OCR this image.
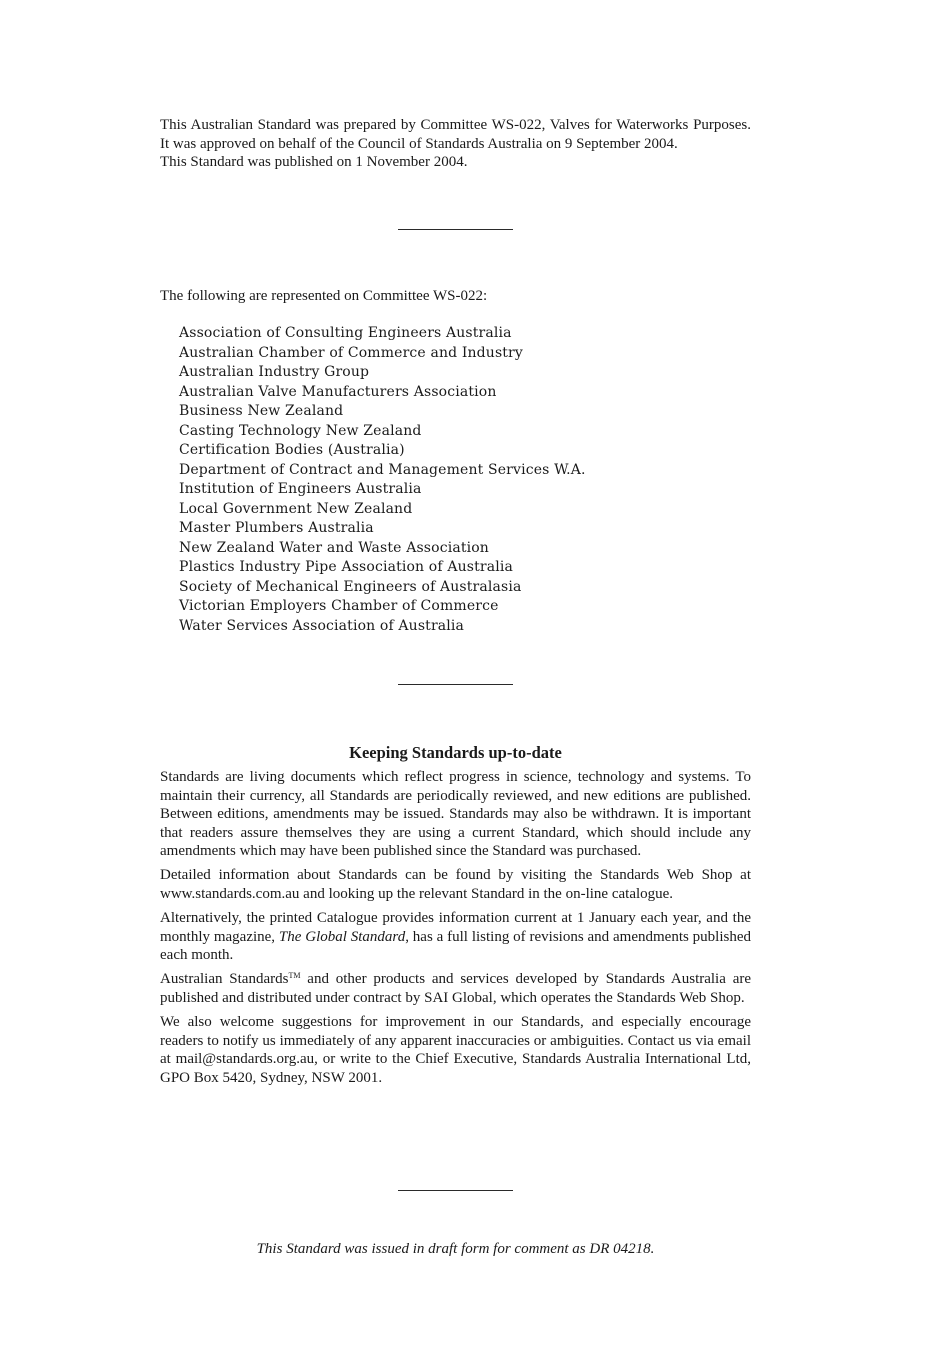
This Australian Standard was prepared by Committee WS-022, Valves for Waterworks Purposes. It was approved on behalf of the Council of Standards Australia on 9 September 2004.

This Standard was published on 1 November 2004.

The following are represented on Committee WS-022:

Association of Consulting Engineers Australia
Australian Chamber of Commerce and Industry
Australian Industry Group
Australian Valve Manufacturers Association
Business New Zealand
Casting Technology New Zealand
Certification Bodies (Australia)
Department of Contract and Management Services W.A.
Institution of Engineers Australia
Local Government New Zealand
Master Plumbers Australia
New Zealand Water and Waste Association
Plastics Industry Pipe Association of Australia
Society of Mechanical Engineers of Australasia
Victorian Employers Chamber of Commerce
Water Services Association of Australia
Keeping Standards up-to-date

Standards are living documents which reflect progress in science, technology and systems. To maintain their currency, all Standards are periodically reviewed, and new editions are published. Between editions, amendments may be issued. Standards may also be withdrawn. It is important that readers assure themselves they are using a current Standard, which should include any amendments which may have been published since the Standard was purchased.

Detailed information about Standards can be found by visiting the Standards Web Shop at www.standards.com.au and looking up the relevant Standard in the on-line catalogue.

Alternatively, the printed Catalogue provides information current at 1 January each year, and the monthly magazine, The Global Standard, has a full listing of revisions and amendments published each month.

Australian Standards™ and other products and services developed by Standards Australia are published and distributed under contract by SAI Global, which operates the Standards Web Shop.

We also welcome suggestions for improvement in our Standards, and especially encourage readers to notify us immediately of any apparent inaccuracies or ambiguities. Contact us via email at mail@standards.org.au, or write to the Chief Executive, Standards Australia International Ltd, GPO Box 5420, Sydney, NSW 2001.

This Standard was issued in draft form for comment as DR 04218.
